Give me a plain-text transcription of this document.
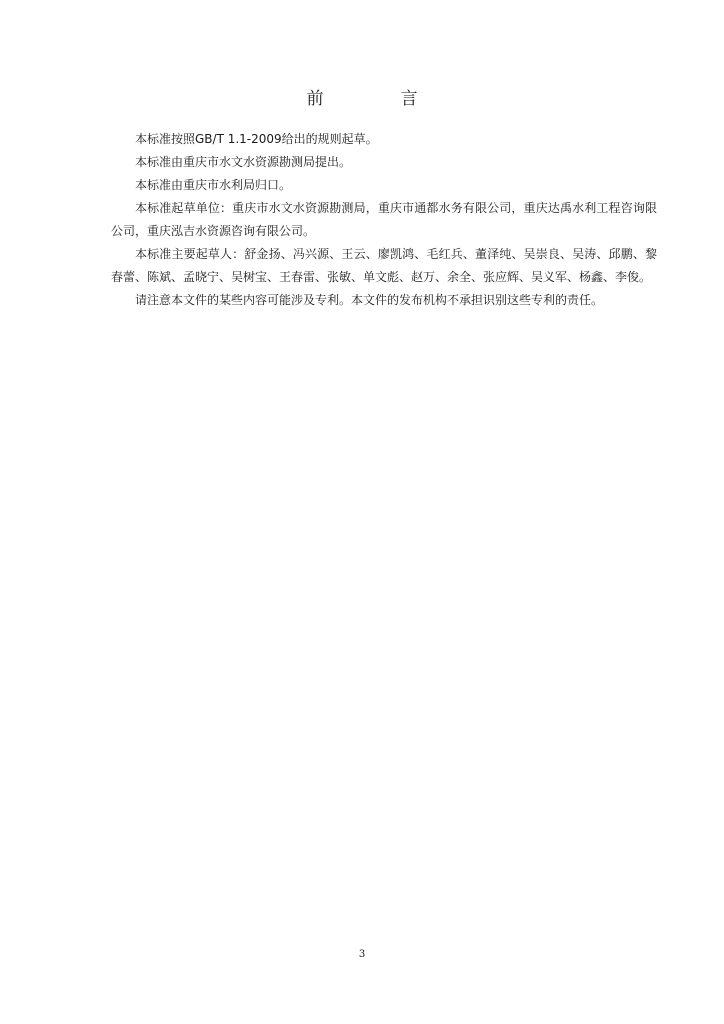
前　言

本标准按照GB/T 1.1-2009给出的规则起草。

本标准由重庆市水文水资源勘测局提出。

本标准由重庆市水利局归口。

本标准起草单位：重庆市水文水资源勘测局，重庆市通都水务有限公司，重庆达禹水利工程咨询限公司，重庆泓吉水资源咨询有限公司。

本标准主要起草人：舒金扬、冯兴源、王云、廖凯鸿、毛红兵、董泽纯、吴崇良、吴涛、邱鹏、黎春蕾、陈斌、孟晓宁、吴树宝、王春雷、张敏、单文彪、赵万、余全、张应辉、吴义军、杨鑫、李俊。

请注意本文件的某些内容可能涉及专利。本文件的发布机构不承担识别这些专利的责任。

3
